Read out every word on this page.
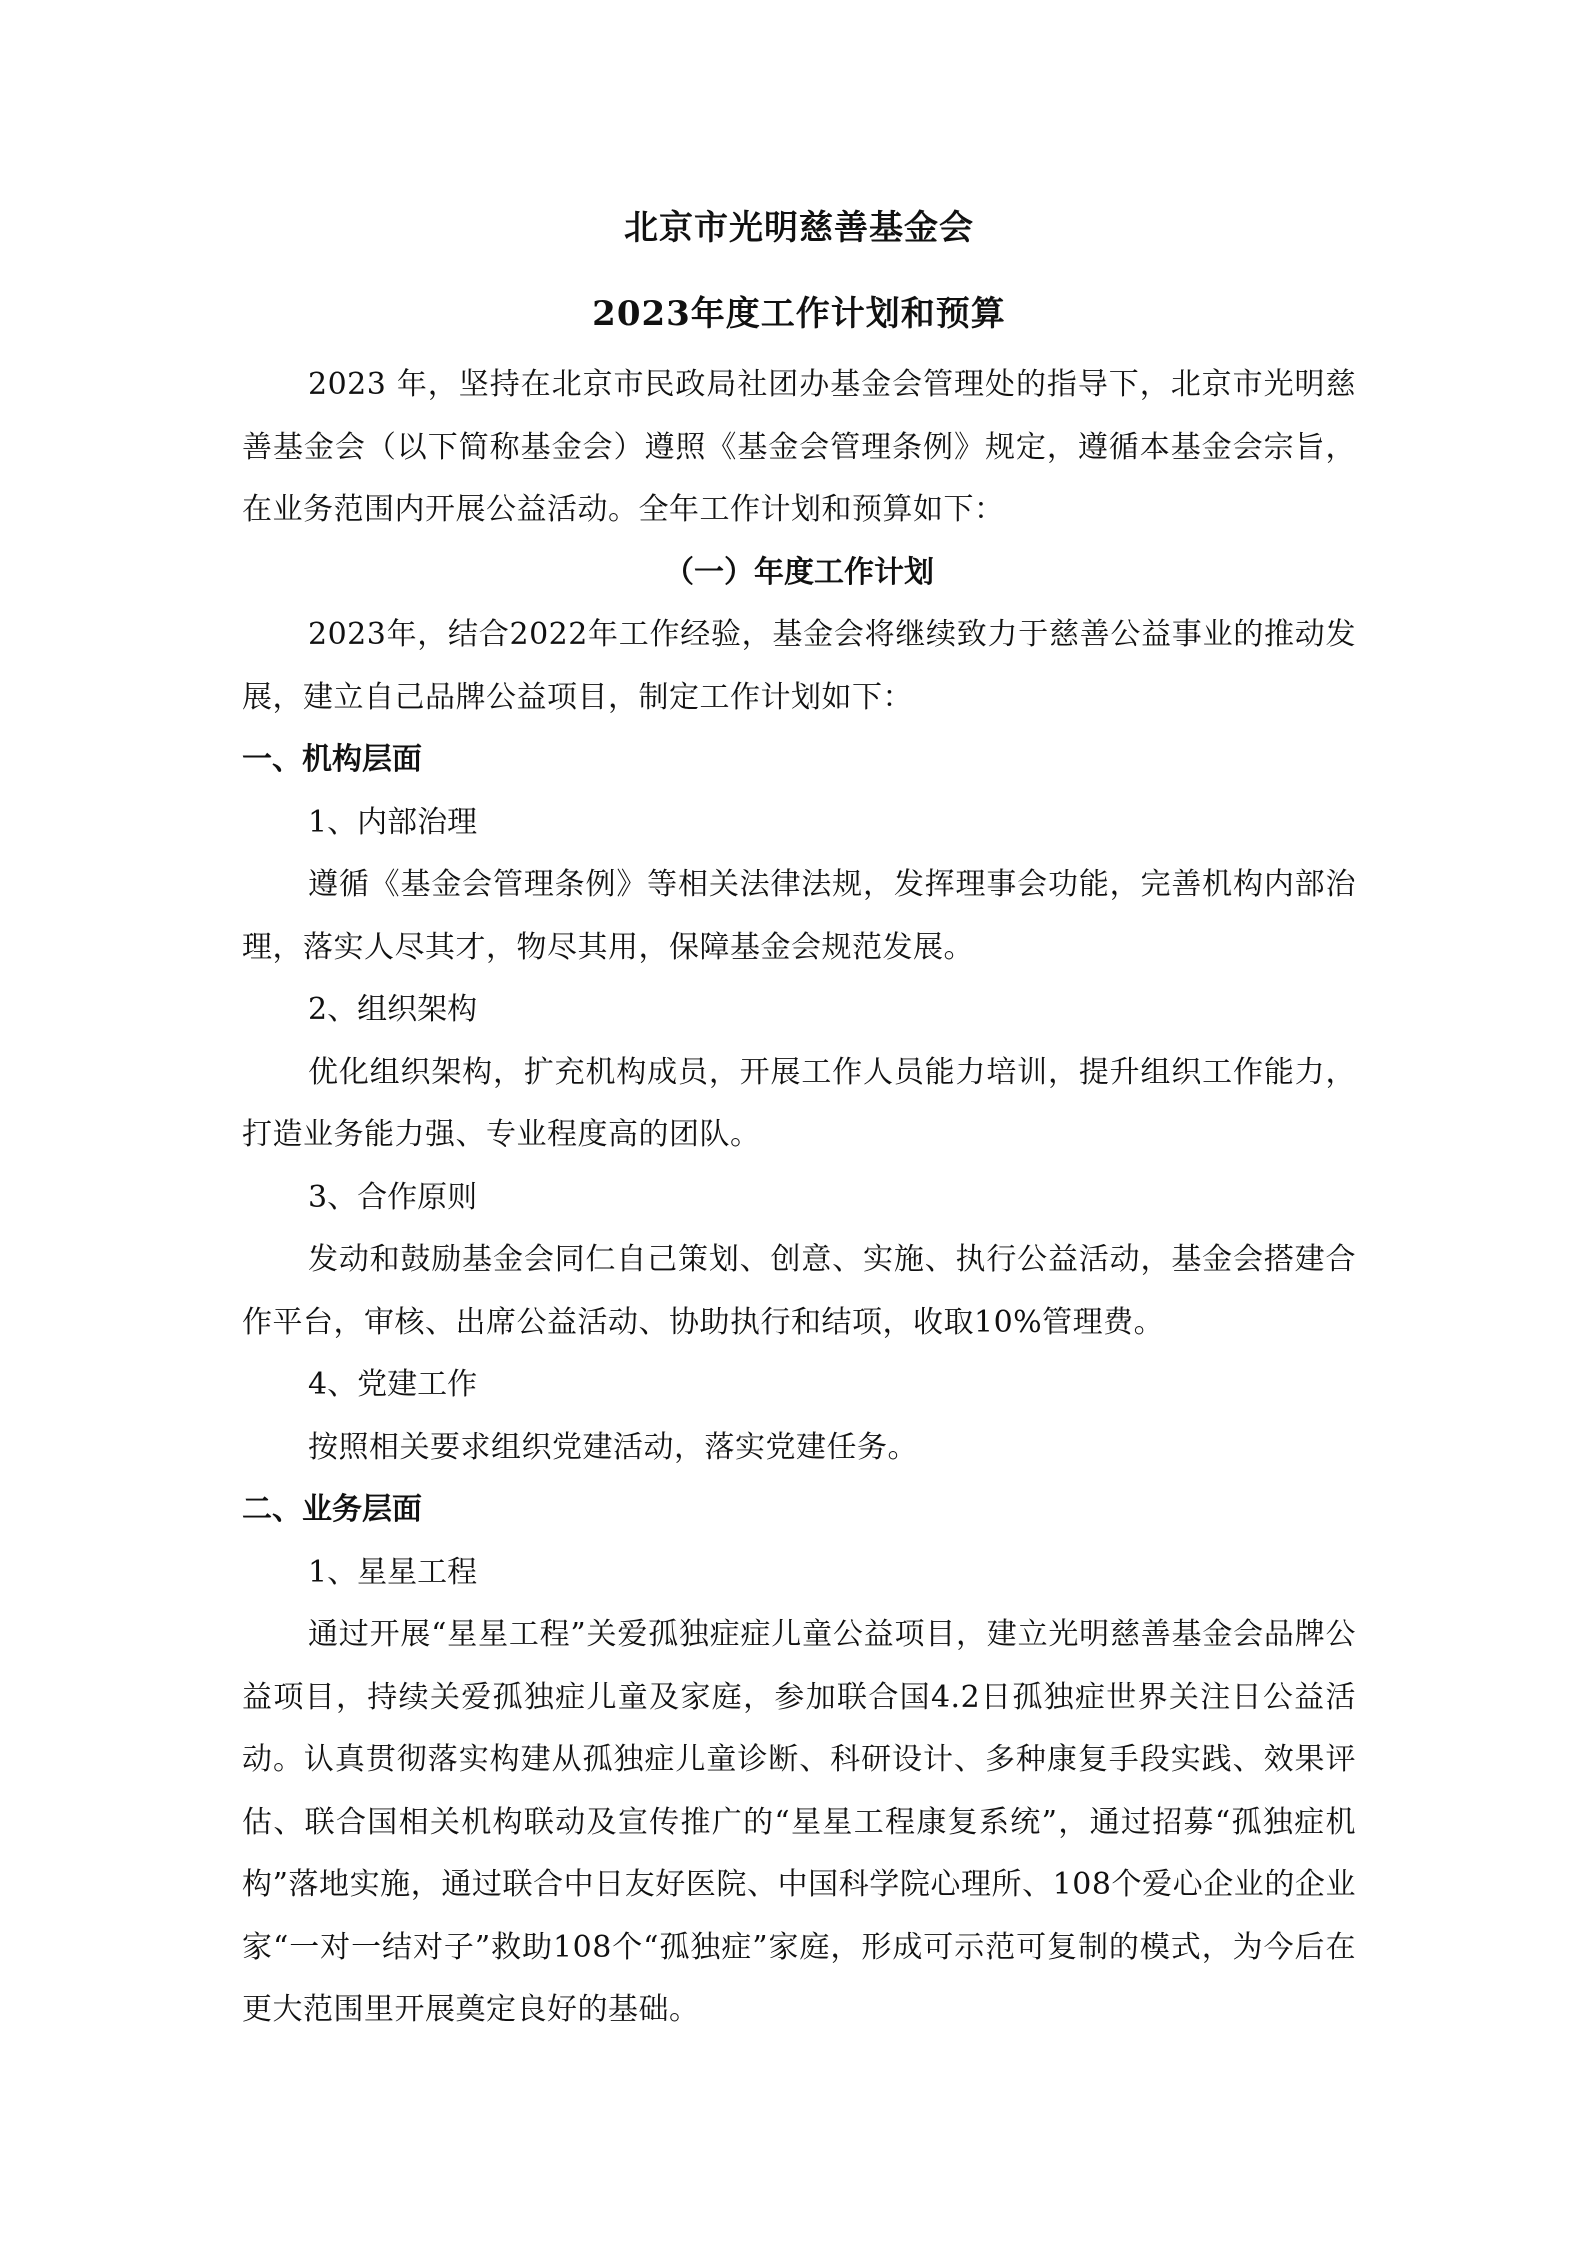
北京市光明慈善基金会
2023年度工作计划和预算

2023 年，坚持在北京市民政局社团办基金会管理处的指导下，北京市光明慈善基金会（以下简称基金会）遵照《基金会管理条例》规定，遵循本基金会宗旨，在业务范围内开展公益活动。全年工作计划和预算如下：

（一）年度工作计划

2023年，结合2022年工作经验，基金会将继续致力于慈善公益事业的推动发展，建立自己品牌公益项目，制定工作计划如下：

一、机构层面

1、内部治理

遵循《基金会管理条例》等相关法律法规，发挥理事会功能，完善机构内部治理，落实人尽其才，物尽其用，保障基金会规范发展。

2、组织架构

优化组织架构，扩充机构成员，开展工作人员能力培训，提升组织工作能力，打造业务能力强、专业程度高的团队。

3、合作原则

发动和鼓励基金会同仁自己策划、创意、实施、执行公益活动，基金会搭建合作平台，审核、出席公益活动、协助执行和结项，收取10%管理费。

4、党建工作

按照相关要求组织党建活动，落实党建任务。

二、业务层面

1、星星工程

通过开展“星星工程”关爱孤独症症儿童公益项目，建立光明慈善基金会品牌公益项目，持续关爱孤独症儿童及家庭，参加联合国4.2日孤独症世界关注日公益活动。认真贯彻落实构建从孤独症儿童诊断、科研设计、多种康复手段实践、效果评估、联合国相关机构联动及宣传推广的“星星工程康复系统”，通过招募“孤独症机构”落地实施，通过联合中日友好医院、中国科学院心理所、108个爱心企业的企业家“一对一结对子”救助108个“孤独症”家庭，形成可示范可复制的模式，为今后在更大范围里开展奠定良好的基础。
